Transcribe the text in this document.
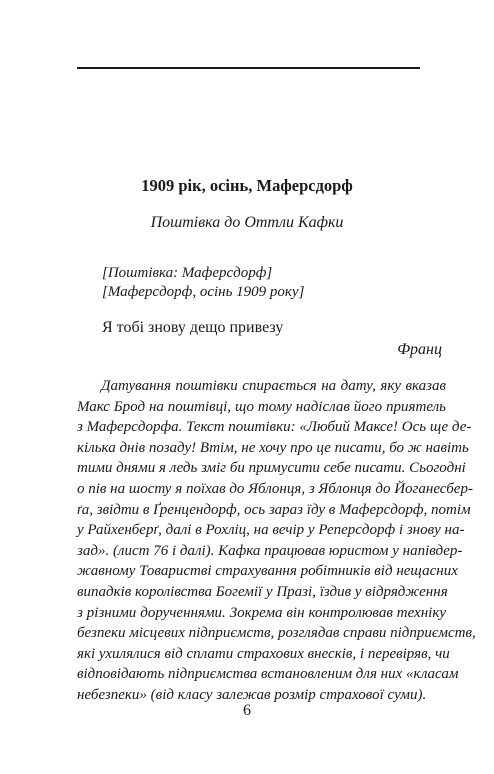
1909 рік, осінь, Маферсдорф
Поштівка до Оттли Кафки
[Поштівка: Маферсдорф]
[Маферсдорф, осінь 1909 року]
Я тобі знову дещо привезу
Франц
Датування поштівки спирається на дату, яку вказав
Макс Брод на поштівці, що тому надіслав його приятель
з Маферсдорфа. Текст поштівки: «Любий Максе! Ось ще де-
кілька днів позаду! Втім, не хочу про це писати, бо ж навіть
тими днями я ледь зміг би примусити себе писати. Сьогодні
о пів на шосту я поїхав до Яблонця, з Яблонця до Йоганесбер-
ґа, звідти в Ґренцендорф, ось зараз їду в Маферсдорф, потім
у Райхенберґ, далі в Рохліц, на вечір у Реперсдорф і знову на-
зад». (лист 76 і далі). Кафка працював юристом у напівдер-
жавному Товаристві страхування робітників від нещасних
випадків королівства Богемії у Празі, їздив у відрядження
з різними дорученнями. Зокрема він контролював техніку
безпеки місцевих підприємств, розглядав справи підприємств,
які ухилялися від сплати страхових внесків, і перевіряв, чи
відповідають підприємства встановленим для них «класам
небезпеки» (від класу залежав розмір страхової суми).
6
